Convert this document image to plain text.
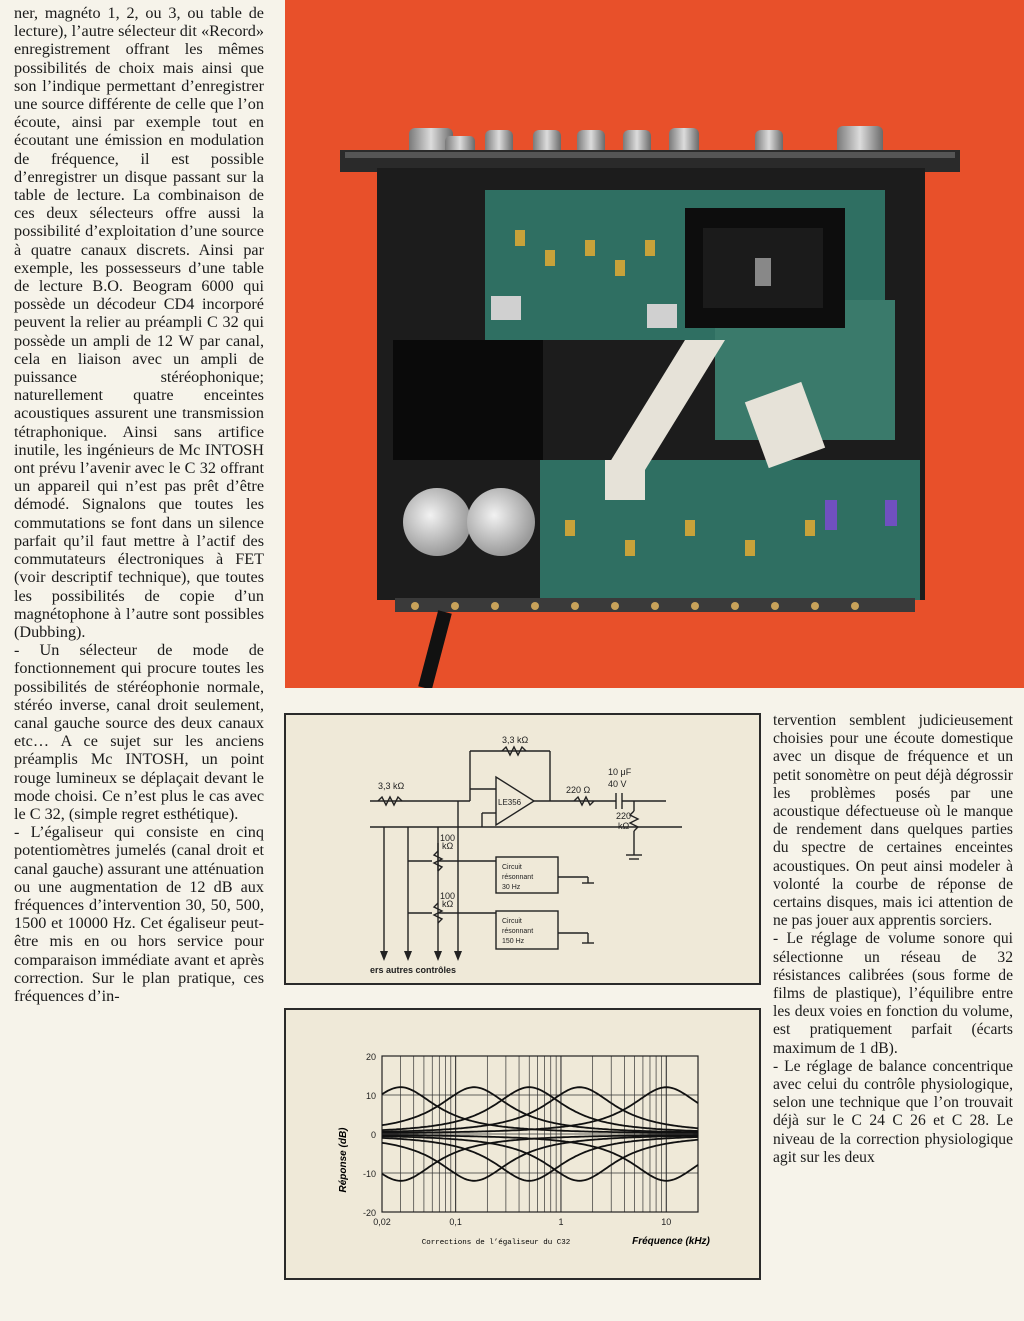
ner, magnéto 1, 2, ou 3, ou table de lecture), l’autre sélecteur dit «Record» enregistrement offrant les mêmes possibilités de choix mais ainsi que son l’indique permettant d’enregistrer une source différente de celle que l’on écoute, ainsi par exemple tout en écoutant une émission en modulation de fréquence, il est possible d’enregistrer un disque passant sur la table de lecture. La combinaison de ces deux sélecteurs offre aussi la possibilité d’exploitation d’une source à quatre canaux discrets. Ainsi par exemple, les possesseurs d’une table de lecture B.O. Beogram 6000 qui possède un décodeur CD4 incorporé peuvent la relier au préampli C 32 qui possède un ampli de 12 W par canal, cela en liaison avec un ampli de puissance stéréophonique; naturellement quatre enceintes acoustiques assurent une transmission tétraphonique. Ainsi sans artifice inutile, les ingénieurs de Mc INTOSH ont prévu l’avenir avec le C 32 offrant un appareil qui n’est pas prêt d’être démodé. Signalons que toutes les commutations se font dans un silence parfait qu’il faut mettre à l’actif des commutateurs électroniques à FET (voir descriptif technique), que toutes les possibilités de copie d’un magnétophone à l’autre sont possibles (Dubbing).

- Un sélecteur de mode de fonctionnement qui procure toutes les possibilités de stéréophonie normale, stéréo inverse, canal droit seulement, canal gauche source des deux canaux etc… A ce sujet sur les anciens préamplis Mc INTOSH, un point rouge lumineux se déplaçait devant le mode choisi. Ce n’est plus le cas avec le C 32, (simple regret esthétique).

- L’égaliseur qui consiste en cinq potentiomètres jumelés (canal droit et canal gauche) assurant une atténuation ou une augmentation de 12 dB aux fréquences d’intervention 30, 50, 500, 1500 et 10000 Hz. Cet égaliseur peut-être mis en ou hors service pour comparaison immédiate avant et après correction. Sur le plan pratique, ces fréquences d’in-

3,3 kΩ
3,3 kΩ
LE356
220 Ω
10 μF
40 V
220
kΩ
100
kΩ
100
kΩ
ers autres contrôles
Circuit
résonnant
30 Hz
Circuit
résonnant
150 Hz
20
10
0
-10
-20
0,02	0,1	1	10
Réponse (dB)
Fréquence (kHz)
Corrections de l’égaliseur du C32

tervention semblent judicieusement choisies pour une écoute domestique avec un disque de fréquence et un petit sonomètre on peut déjà dégrossir les problèmes posés par une acoustique défectueuse où le manque de rendement dans quelques parties du spectre de certaines enceintes acoustiques. On peut ainsi modeler à volonté la courbe de réponse de certains disques, mais ici attention de ne pas jouer aux apprentis sorciers.

- Le réglage de volume sonore qui sélectionne un réseau de 32 résistances calibrées (sous forme de films de plastique), l’équilibre entre les deux voies en fonction du volume, est pratiquement parfait (écarts maximum de 1 dB).

- Le réglage de balance concentrique avec celui du contrôle physiologique, selon une technique que l’on trouvait déjà sur le C 24 C 26 et C 28. Le niveau de la correction physiologique agit sur les deux
